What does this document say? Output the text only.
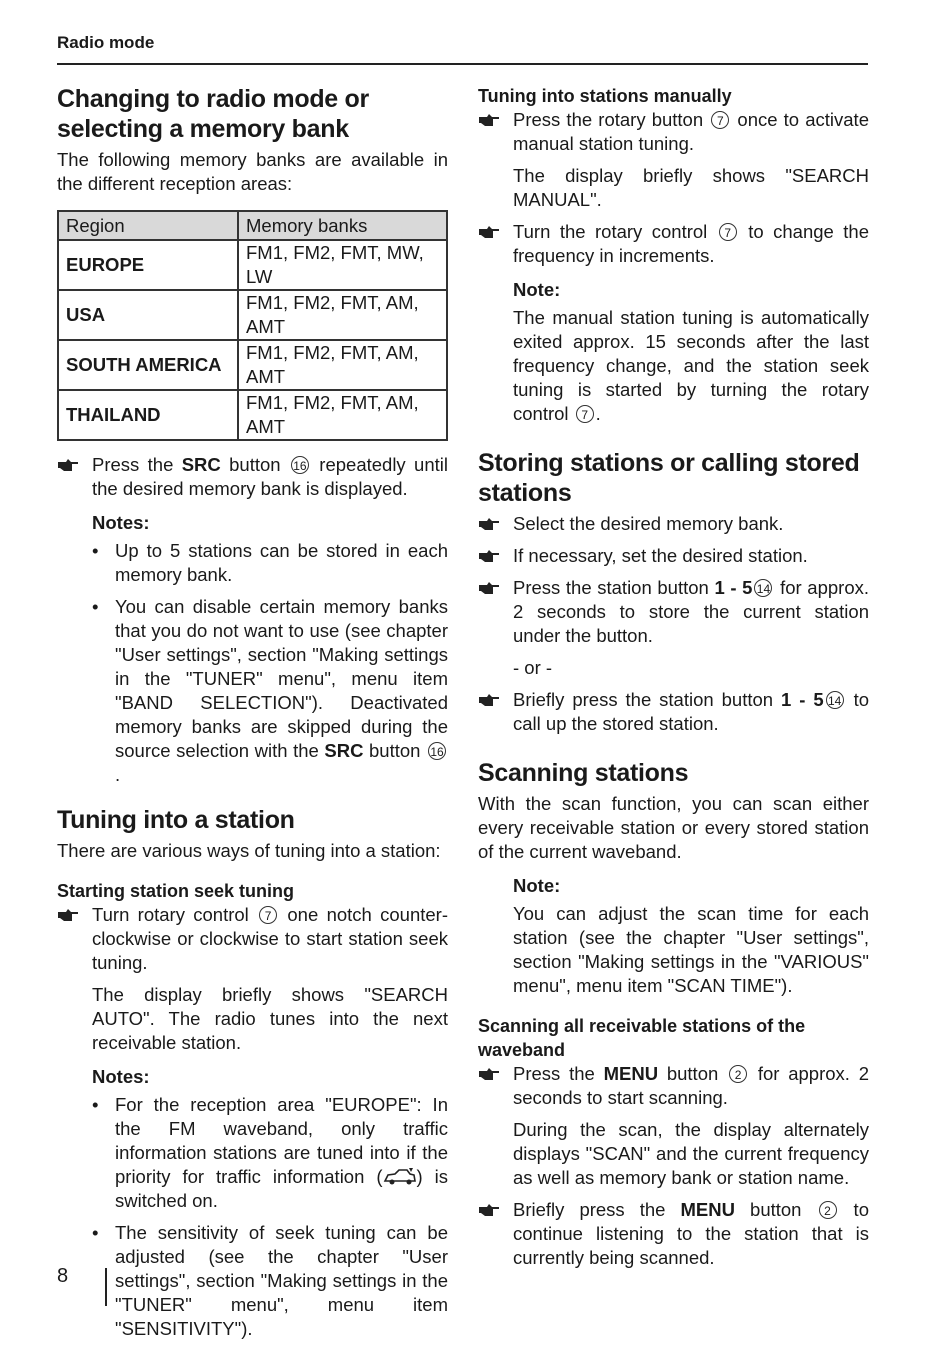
Radio mode
Changing to radio mode or selecting a memory bank

The following memory banks are available in the different reception areas:

Region	Memory banks
EUROPE	FM1, FM2, FMT, MW, LW
USA	FM1, FM2, FMT, AM, AMT
SOUTH AMERICA	FM1, FM2, FMT, AM, AMT
THAILAND	FM1, FM2, FMT, AM, AMT
Press the SRC button 16 repeatedly until the desired memory bank is displayed.
Notes:
• Up to 5 stations can be stored in each memory bank.
• You can disable certain memory banks that you do not want to use (see chapter "User settings", section "Making settings in the "TUNER" menu", menu item "BAND SELECTION"). Deactivated memory banks are skipped during the source selection with the SRC button 16.
Tuning into a station

There are various ways of tuning into a station:

Starting station seek tuning
Turn rotary control 7 one notch counter-clockwise or clockwise to start station seek tuning.

The display briefly shows "SEARCH AUTO". The radio tunes into the next receivable station.

Notes:
• For the reception area "EUROPE": In the FM waveband, only traffic information stations are tuned into if the priority for traffic information ( ) is switched on.
• The sensitivity of seek tuning can be adjusted (see the chapter "User settings", section "Making settings in the "TUNER" menu", menu item "SENSITIVITY").
Tuning into stations manually
Press the rotary button 7 once to activate manual station tuning.

The display briefly shows "SEARCH MANUAL".

Turn the rotary control 7 to change the frequency in increments.
Note:

The manual station tuning is automatically exited approx. 15 seconds after the last frequency change, and the station seek tuning is started by turning the rotary control 7 .

Storing stations or calling stored stations
Select the desired memory bank.
If necessary, set the desired station.
Press the station button 1 - 5 14 for approx. 2 seconds to store the current station under the button.

- or -

Briefly press the station button 1 - 5 14 to call up the stored station.
Scanning stations

With the scan function, you can scan either every receivable station or every stored station of the current waveband.

Note:

You can adjust the scan time for each station (see the chapter "User settings", section "Making settings in the "VARIOUS" menu", menu item "SCAN TIME").

Scanning all receivable stations of the waveband
Press the MENU button 2 for approx. 2 seconds to start scanning.

During the scan, the display alternately displays "SCAN" and the current frequency as well as memory bank or station name.

Briefly press the MENU button 2 to continue listening to the station that is currently being scanned.
8
